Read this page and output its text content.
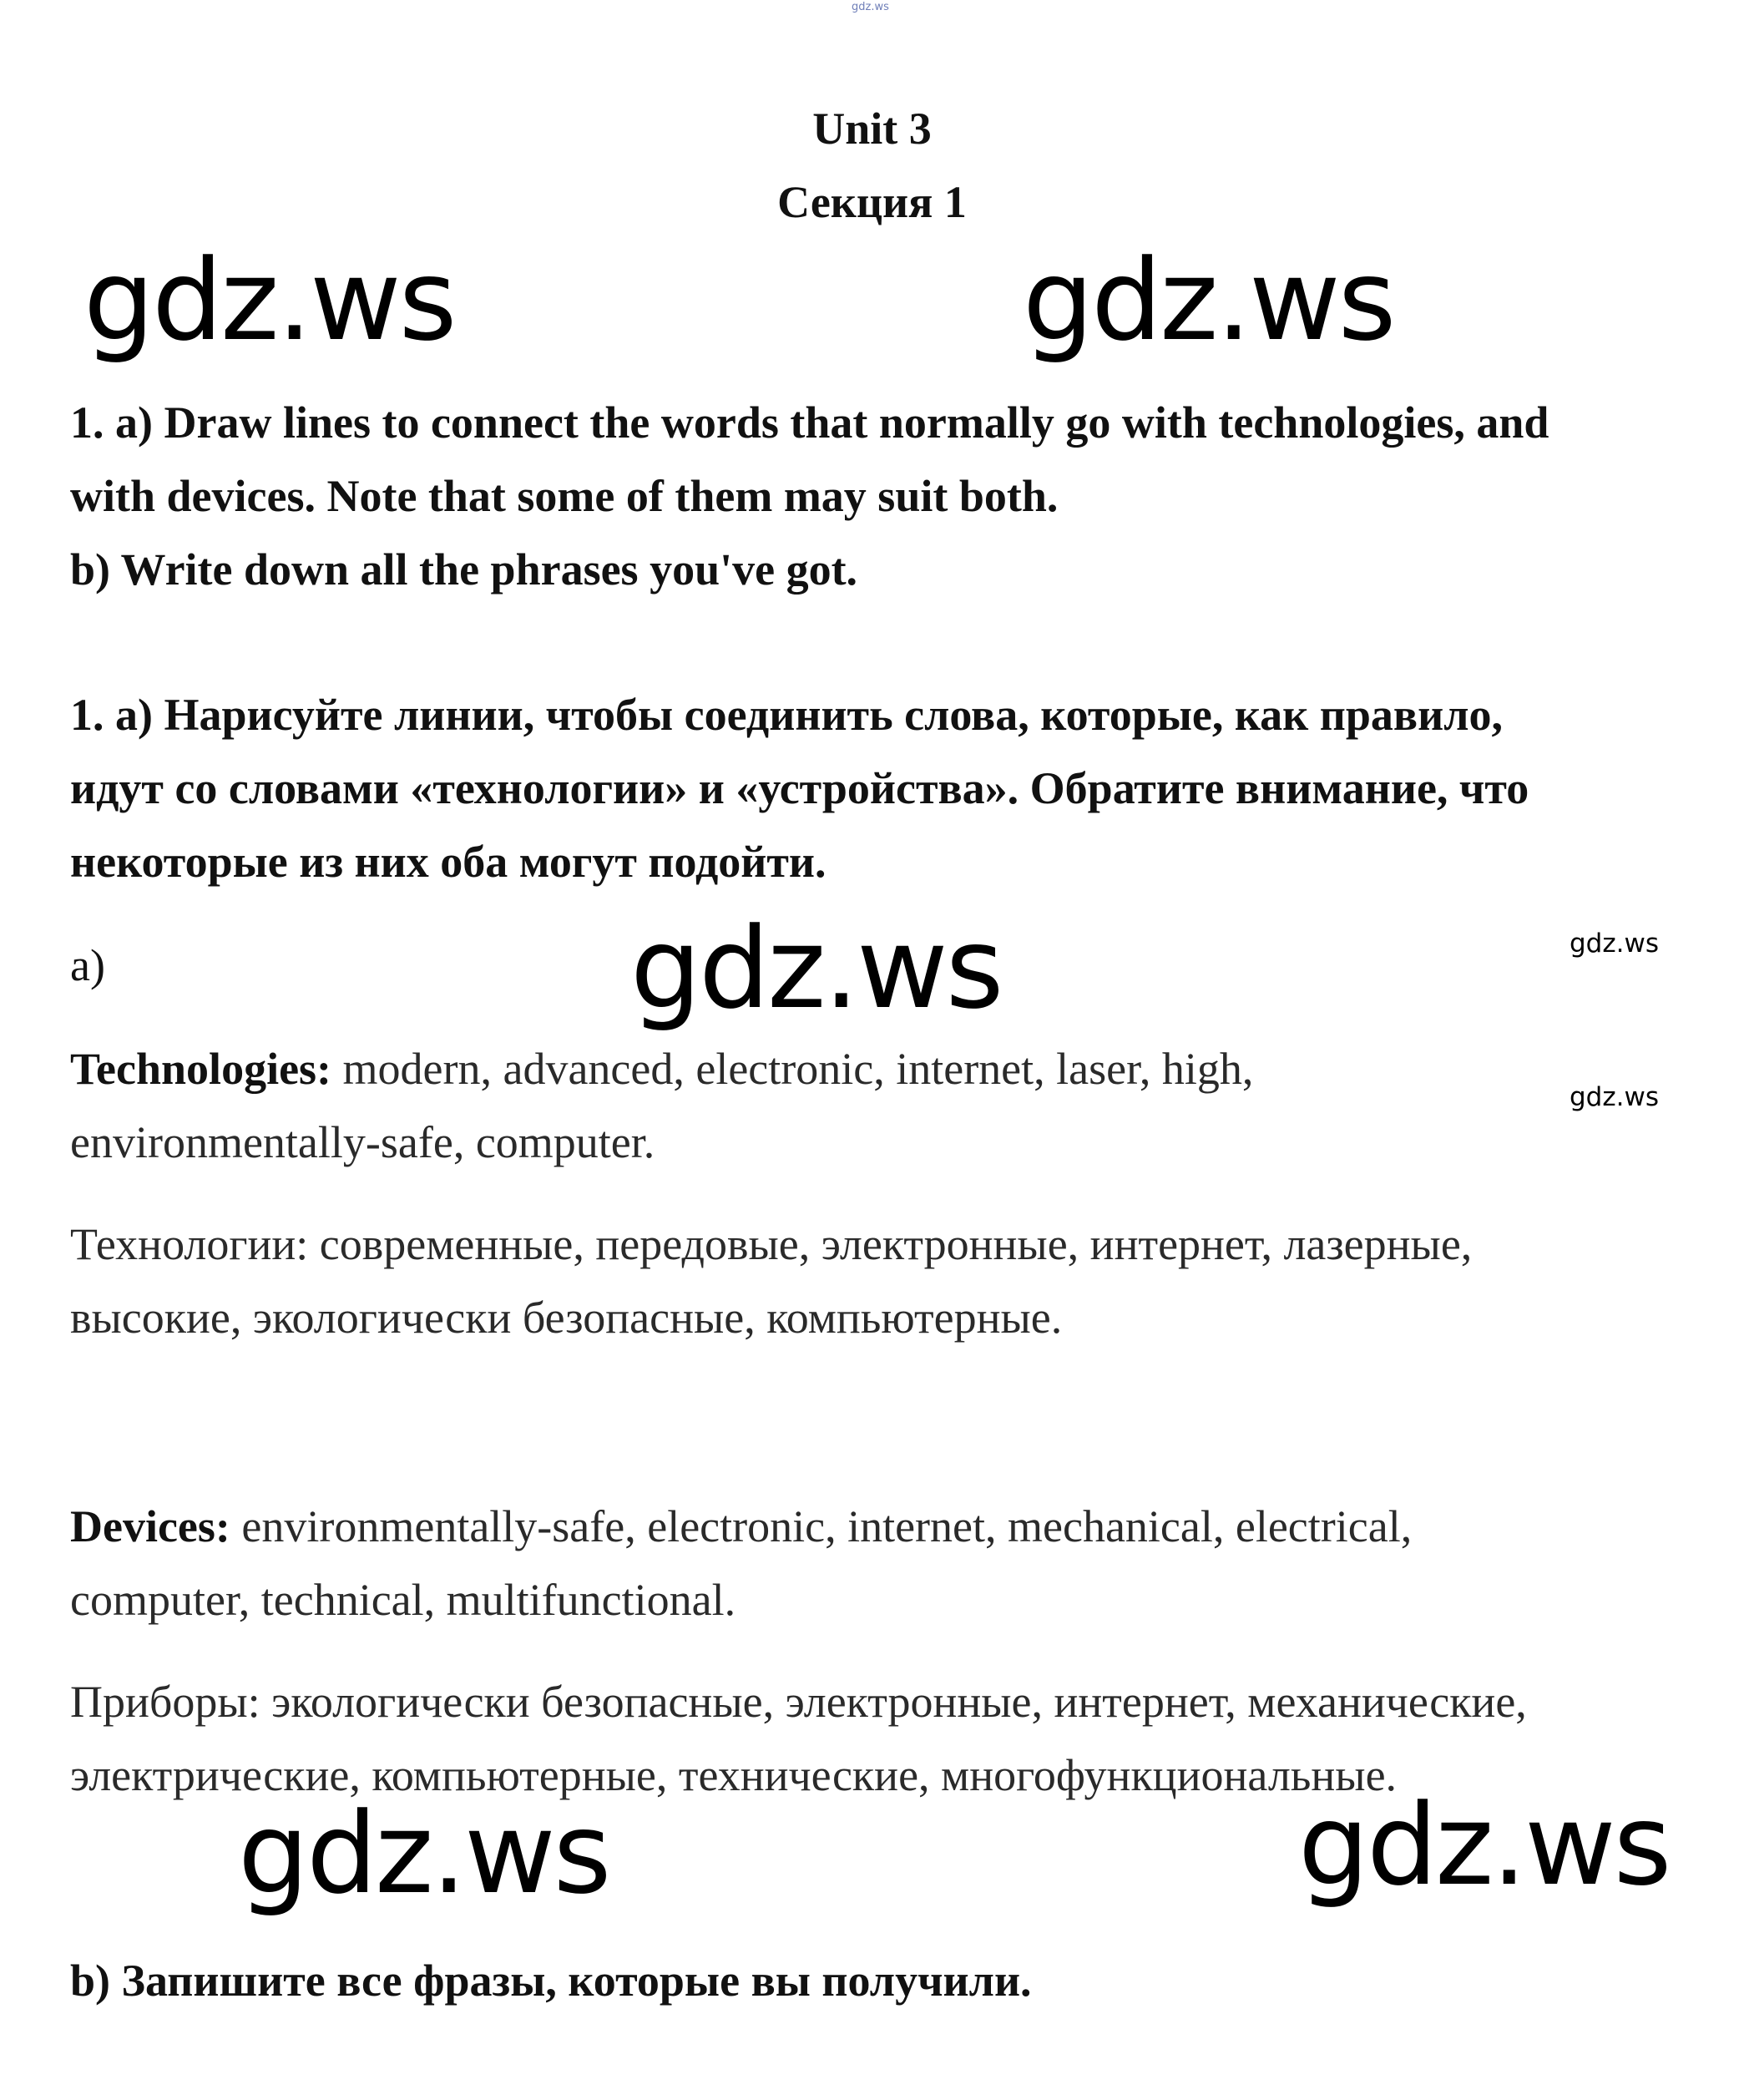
gdz.ws
Unit 3
Секция 1
gdz.ws	gdz.ws
1. a) Draw lines to connect the words that normally go with technologies, and
with devices. Note that some of them may suit both.
b) Write down all the phrases you've got.
1. а) Нарисуйте линии, чтобы соединить слова, которые, как правило,
идут со словами «технологии» и «устройства». Обратите внимание, что
некоторые из них оба могут подойти.
a)	gdz.ws	gdz.ws
gdz.ws
Technologies: modern, advanced, electronic, internet, laser, high,
environmentally-safe, computer.
Технологии: современные, передовые, электронные, интернет, лазерные,
высокие, экологически безопасные, компьютерные.
Devices: environmentally-safe, electronic, internet, mechanical, electrical,
computer, technical, multifunctional.
Приборы: экологически безопасные, электронные, интернет, механические,
электрические, компьютерные, технические, многофункциональные.
gdz.ws	gdz.ws
b) Запишите все фразы, которые вы получили.
